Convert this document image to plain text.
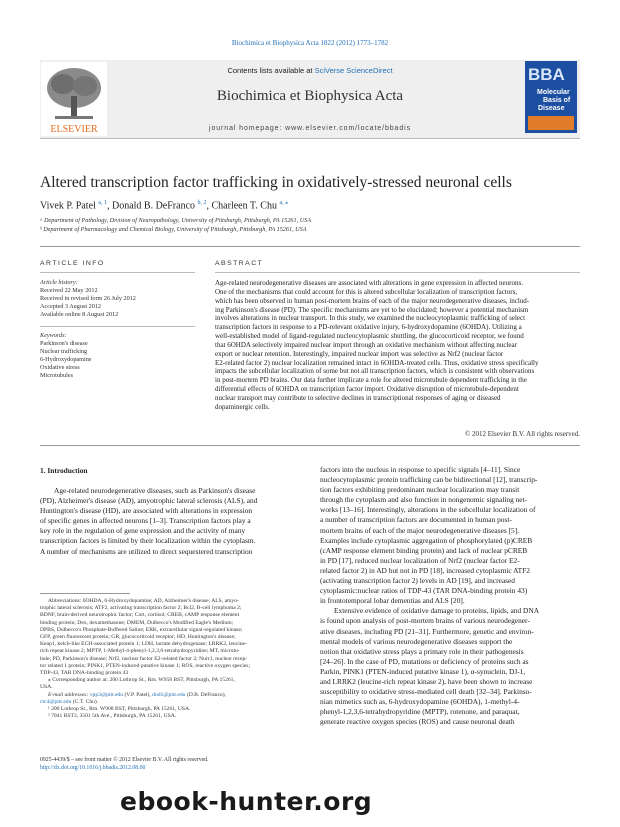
Biochimica et Biophysica Acta 1822 (2012) 1773–1782
ELSEVIER
Contents lists available at SciVerse ScienceDirect
Biochimica et Biophysica Acta
journal homepage: www.elsevier.com/locate/bbadis
BBA
Molecular
Basis of
Disease
Altered transcription factor trafficking in oxidatively-stressed neuronal cells
Vivek P. Patel $^{a, 1}$, Donald B. DeFranco $^{b, 2}$, Charleen T. Chu $^{a, ⁎}$
ᵃ Department of Pathology, Division of Neuropathology, University of Pittsburgh, Pittsburgh, PA 15261, USA
ᵇ Department of Pharmacology and Chemical Biology, University of Pittsburgh, Pittsburgh, PA 15261, USA
ARTICLE INFO
Article history:
Received 22 May 2012
Received in revised form 26 July 2012
Accepted 3 August 2012
Available online 8 August 2012
Keywords:
Parkinson's disease
Nuclear trafficking
6-Hydroxydopamine
Oxidative stress
Microtubules
ABSTRACT
Age-related neurodegenerative diseases are associated with alterations in gene expression in affected neurons.
One of the mechanisms that could account for this is altered subcellular localization of transcription factors,
which has been observed in human post-mortem brains of each of the major neurodegenerative diseases, includ-
ing Parkinson's disease (PD). The specific mechanisms are yet to be elucidated; however a potential mechanism
involves alterations in nuclear transport. In this study, we examined the nucleocytoplasmic trafficking of select
transcription factors in response to a PD-relevant oxidative injury, 6-hydroxydopamine (6OHDA). Utilizing a
well-established model of ligand-regulated nucleocytoplasmic shuttling, the glucocorticoid receptor, we found
that 6OHDA selectively impaired nuclear import through an oxidative mechanism without affecting nuclear
export or nuclear retention. Interestingly, impaired nuclear import was selective as Nrf2 (nuclear factor
E2-related factor 2) nuclear localization remained intact in 6OHDA-treated cells. Thus, oxidative stress specifically
impacts the subcellular localization of some but not all transcription factors, which is consistent with observations
in post-mortem PD brains. Our data further implicate a role for altered microtubule dependent trafficking in the
differential effects of 6OHDA on transcription factor import. Oxidative disruption of microtubule-dependent
nuclear transport may contribute to selective declines in transcriptional responses of aging or diseased
dopaminergic cells.
© 2012 Elsevier B.V. All rights reserved.
1. Introduction
Age-related neurodegenerative diseases, such as Parkinson's disease
(PD), Alzheimer's disease (AD), amyotrophic lateral sclerosis (ALS), and
Huntington's disease (HD), are associated with alterations in expression
of specific genes in affected neurons [1–3]. Transcription factors play a
key role in the regulation of gene expression and the activity of many
transcription factors is limited by their localization within the cytoplasm.
A number of mechanisms are utilized to direct sequestered transcription
factors into the nucleus in response to specific signals [4–11]. Since
nucleocytoplasmic protein trafficking can be bidirectional [12], transcrip-
tion factors exhibiting predominant nuclear localization may transit
through the cytoplasm and also function in nongenomic signaling net-
works [13–16]. Interestingly, alterations in the subcellular localization of
a number of transcription factors are documented in human post-
mortem brains of each of the major neurodegenerative diseases [5].
Examples include cytoplasmic aggregation of phosphorylated (p)CREB
(cAMP response element binding protein) and lack of nuclear pCREB
in PD [17], reduced nuclear localization of Nrf2 (nuclear factor E2-
related factor 2) in AD but not in PD [18], increased cytoplasmic ATF2
(activating transcription factor 2) levels in AD [19], and increased
cytoplasmic:nuclear ratios of TDP-43 (TAR DNA-binding protein 43)
in frontotemporal lobar dementias and ALS [20].
Extensive evidence of oxidative damage to proteins, lipids, and DNA
is found upon analysis of post-mortem brains of various neurodegener-
ative diseases, including PD [21–31]. Furthermore, genetic and environ-
mental models of various neurodegenerative diseases support the
notion that oxidative stress plays a primary role in their pathogenesis
[24–26]. In the case of PD, mutations or deficiency of proteins such as
Parkin, PINK1 (PTEN-induced putative kinase 1), α-synuclein, DJ-1,
and LRRK2 (leucine-rich repeat kinase 2), have been shown to increase
susceptibility to oxidative stress-mediated cell death [32–34]. Parkinso-
nian mimetics such as, 6-hydroxydopamine (6OHDA), 1-methyl-4-
phenyl-1,2,3,6-tetrahydropyridine (MPTP), rotenone, and paraquat,
generate reactive oxygen species (ROS) and cause neuronal death
Abbreviations: 6OHDA, 6-Hydroxydopamine; AD, Alzheimer's disease; ALS, amyo-
trophic lateral sclerosis; ATF2, activating transcription factor 2; Bcl2, B-cell lymphoma 2;
BDNF, brain-derived neurotrophic factor; Cort, cortisol; CREB, cAMP response element
binding protein; Dex, dexamethasone; DMEM, Dulbecco's Modified Eagle's Medium;
DPBS, Dulbecco's Phosphate-Buffered Saline; ERK, extracellular signal-regulated kinase;
GFP, green fluorescent protein; GR, glucocorticoid receptor; HD, Huntington's disease;
Keap1, kelch-like ECH-associated protein 1; LDH, lactate dehydrogenase; LRRK2, leucine-
rich repeat kinase 2; MPTP, 1-Methyl-4-phenyl-1,2,3,6-tetrahydropyridine; MT, microtu-
bule; PD, Parkinson's disease; Nrf2, nuclear factor E2-related factor 2; Nurr1, nuclear recep-
tor related 1 protein; PINK1, PTEN-induced putative kinase 1; ROS, reactive oxygen species;
TDP-43, TAR DNA-binding protein 43
⁎ Corresponding author at: 200 Lothrop St., Rm. W958 BST, Pittsburgh, PA 15261,
USA.
E-mail addresses: vpp3@pitt.edu (V.P. Patel), dod1@pitt.edu (D.B. DeFranco),
ctc4@pitt.edu (C.T. Chu).
¹ 200 Lothrop St., Rm. W908 BST, Pittsburgh, PA 15261, USA.
² 7041 BST3, 3501 5th Ave., Pittsburgh, PA 15261, USA.
0925-4439/$ – see front matter © 2012 Elsevier B.V. All rights reserved.
http://dx.doi.org/10.1016/j.bbadis.2012.08.00
ebook-hunter.org
